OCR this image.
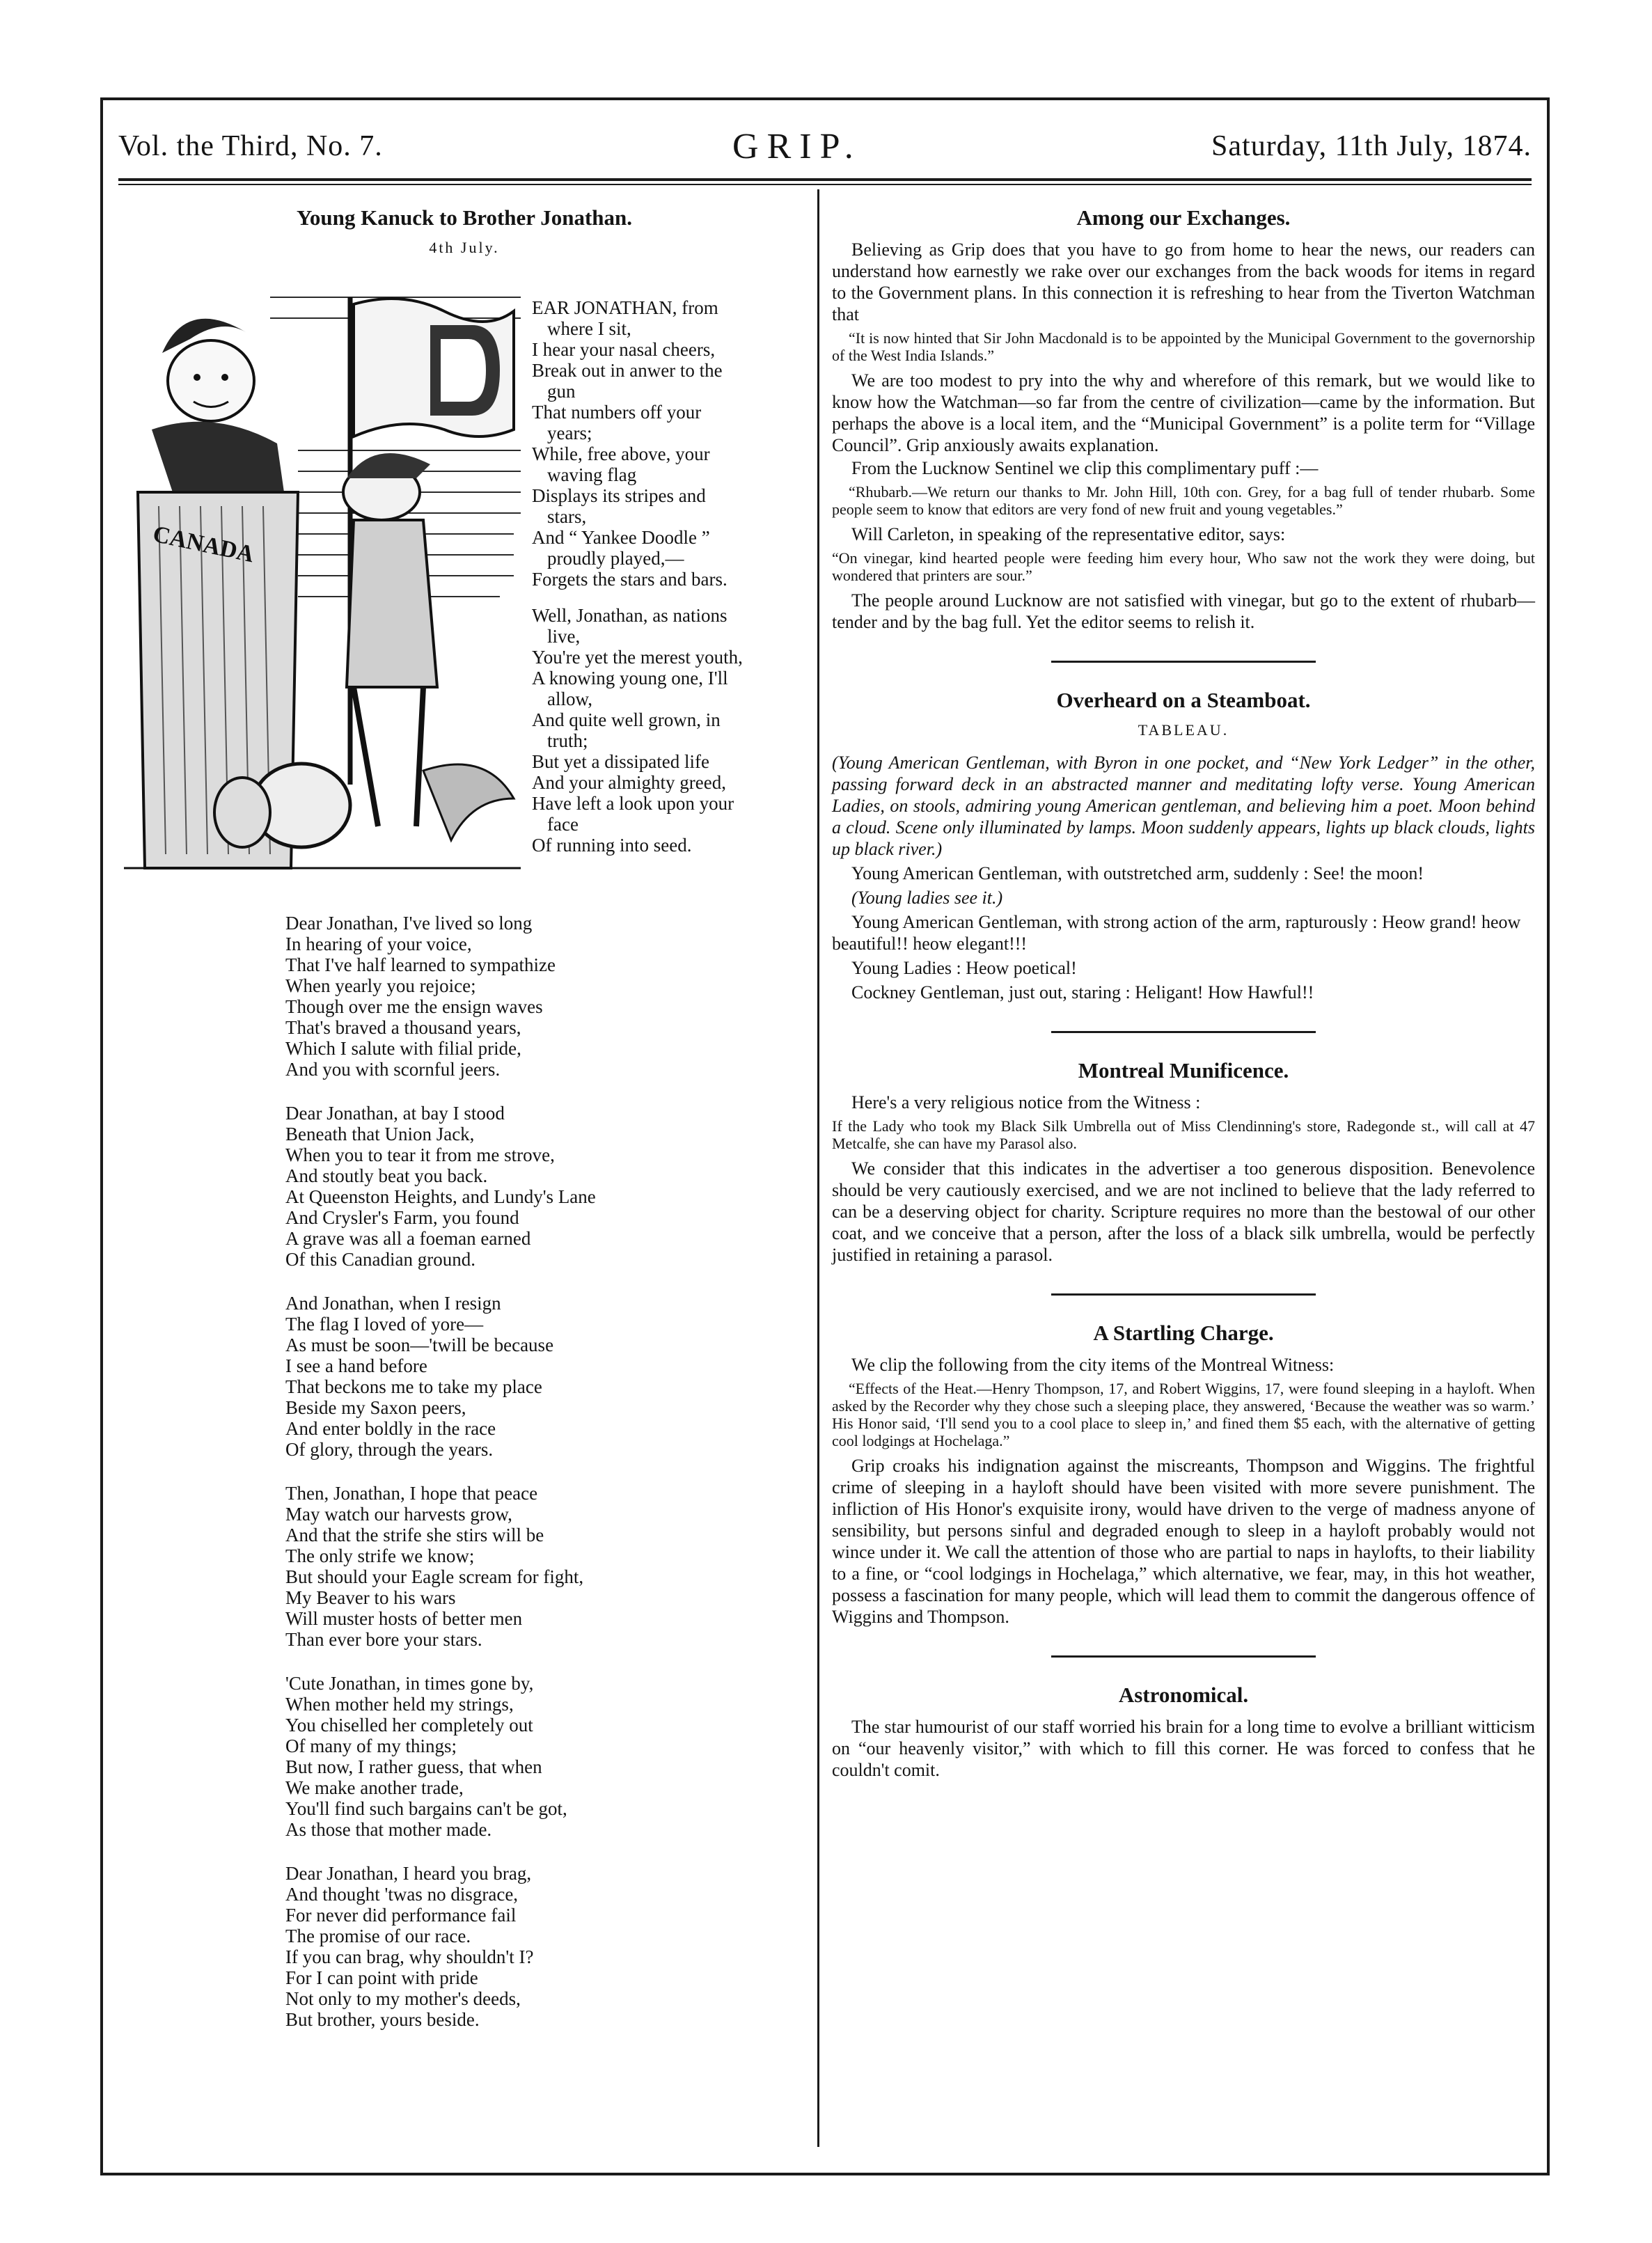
Vol. the Third, No. 7.	GRIP.	Saturday, 11th July, 1874.
Young Kanuck to Brother Jonathan.
4th July.
CANADA
EAR JONATHAN, from
where I sit,
I hear your nasal cheers,
Break out in anwer to the
gun
That numbers off your
years;
While, free above, your
waving flag
Displays its stripes and
stars,
And “ Yankee Doodle ”
proudly played,—
Forgets the stars and bars.
Well, Jonathan, as nations
live,
You're yet the merest youth,
A knowing young one, I'll
allow,
And quite well grown, in
truth;
But yet a dissipated life
And your almighty greed,
Have left a look upon your
face
Of running into seed.
Dear Jonathan, I've lived so long
In hearing of your voice,
That I've half learned to sympathize
When yearly you rejoice;
Though over me the ensign waves
That's braved a thousand years,
Which I salute with filial pride,
And you with scornful jeers.
Dear Jonathan, at bay I stood
Beneath that Union Jack,
When you to tear it from me strove,
And stoutly beat you back.
At Queenston Heights, and Lundy's Lane
And Crysler's Farm, you found
A grave was all a foeman earned
Of this Canadian ground.
And Jonathan, when I resign
The flag I loved of yore—
As must be soon—'twill be because
I see a hand before
That beckons me to take my place
Beside my Saxon peers,
And enter boldly in the race
Of glory, through the years.
Then, Jonathan, I hope that peace
May watch our harvests grow,
And that the strife she stirs will be
The only strife we know;
But should your Eagle scream for fight,
My Beaver to his wars
Will muster hosts of better men
Than ever bore your stars.
'Cute Jonathan, in times gone by,
When mother held my strings,
You chiselled her completely out
Of many of my things;
But now, I rather guess, that when
We make another trade,
You'll find such bargains can't be got,
As those that mother made.
Dear Jonathan, I heard you brag,
And thought 'twas no disgrace,
For never did performance fail
The promise of our race.
If you can brag, why shouldn't I?
For I can point with pride
Not only to my mother's deeds,
But brother, yours beside.
Among our Exchanges.

Believing as Grip does that you have to go from home to hear the news, our readers can understand how earnestly we rake over our exchanges from the back woods for items in regard to the Government plans. In this connection it is refreshing to hear from the Tiverton Watchman that

“It is now hinted that Sir John Macdonald is to be appointed by the Municipal Government to the governorship of the West India Islands.”

We are too modest to pry into the why and wherefore of this remark, but we would like to know how the Watchman—so far from the centre of civilization—came by the information. But perhaps the above is a local item, and the “Municipal Government” is a polite term for “Village Council”. Grip anxiously awaits explanation.

From the Lucknow Sentinel we clip this complimentary puff :—

“Rhubarb.—We return our thanks to Mr. John Hill, 10th con. Grey, for a bag full of tender rhubarb. Some people seem to know that editors are very fond of new fruit and young vegetables.”

Will Carleton, in speaking of the representative editor, says:

“On vinegar, kind hearted people were feeding him every hour, Who saw not the work they were doing, but wondered that printers are sour.”

The people around Lucknow are not satisfied with vinegar, but go to the extent of rhubarb—tender and by the bag full. Yet the editor seems to relish it.

Overheard on a Steamboat.
TABLEAU.

(Young American Gentleman, with Byron in one pocket, and “New York Ledger” in the other, passing forward deck in an abstracted manner and meditating lofty verse. Young American Ladies, on stools, admiring young American gentleman, and believing him a poet. Moon behind a cloud. Scene only illuminated by lamps. Moon suddenly appears, lights up black clouds, lights up black river.)

Young American Gentleman, with outstretched arm, suddenly : See! the moon!

(Young ladies see it.)

Young American Gentleman, with strong action of the arm, rapturously : Heow grand! heow beautiful!! heow elegant!!!

Young Ladies : Heow poetical!

Cockney Gentleman, just out, staring : Heligant! How Hawful!!

Montreal Munificence.

Here's a very religious notice from the Witness :

If the Lady who took my Black Silk Umbrella out of Miss Clendinning's store, Radegonde st., will call at 47 Metcalfe, she can have my Parasol also.

We consider that this indicates in the advertiser a too generous disposition. Benevolence should be very cautiously exercised, and we are not inclined to believe that the lady referred to can be a deserving object for charity. Scripture requires no more than the bestowal of our other coat, and we conceive that a person, after the loss of a black silk umbrella, would be perfectly justified in retaining a parasol.

A Startling Charge.

We clip the following from the city items of the Montreal Witness:

“Effects of the Heat.—Henry Thompson, 17, and Robert Wiggins, 17, were found sleeping in a hayloft. When asked by the Recorder why they chose such a sleeping place, they answered, ‘Because the weather was so warm.’ His Honor said, ‘I'll send you to a cool place to sleep in,’ and fined them $5 each, with the alternative of getting cool lodgings at Hochelaga.”

Grip croaks his indignation against the miscreants, Thompson and Wiggins. The frightful crime of sleeping in a hayloft should have been visited with more severe punishment. The infliction of His Honor's exquisite irony, would have driven to the verge of madness anyone of sensibility, but persons sinful and degraded enough to sleep in a hayloft probably would not wince under it. We call the attention of those who are partial to naps in haylofts, to their liability to a fine, or “cool lodgings in Hochelaga,” which alternative, we fear, may, in this hot weather, possess a fascination for many people, which will lead them to commit the dangerous offence of Wiggins and Thompson.

Astronomical.

The star humourist of our staff worried his brain for a long time to evolve a brilliant witticism on “our heavenly visitor,” with which to fill this corner. He was forced to confess that he couldn't comit.
